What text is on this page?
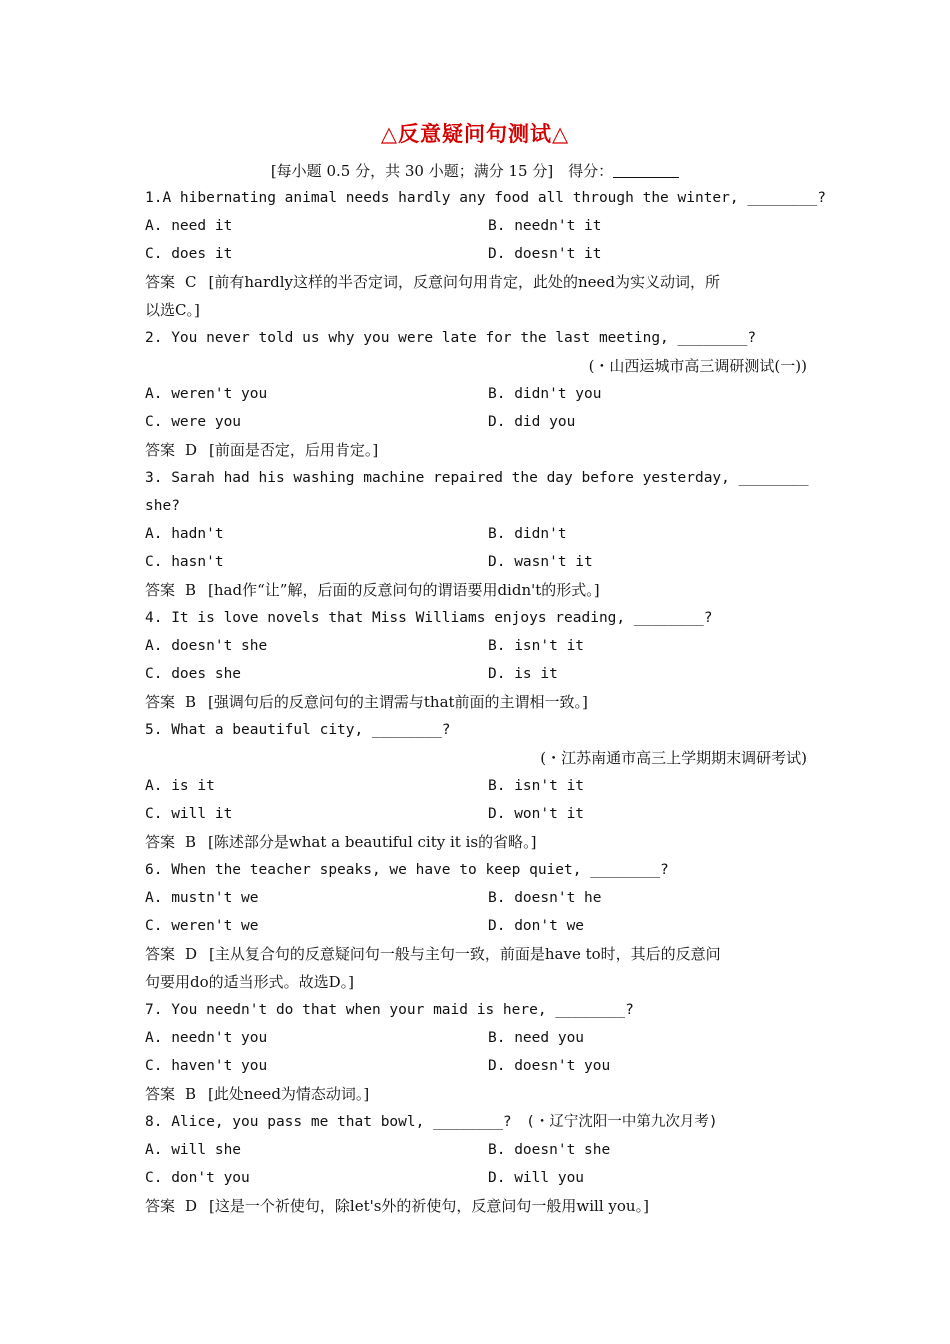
△反意疑问句测试△
[每小题 0.5 分，共 30 小题；满分 15 分]　得分：
1.A hibernating animal needs hardly any food all through the winter, ________?
A. need it	B. needn't it
C. does it	D. doesn't it
答案 C [前有hardly这样的半否定词，反意问句用肯定，此处的need为实义动词，所
以选C。]
2. You never told us why you were late for the last meeting, ________?
(・山西运城市高三调研测试(一))
A. weren't you	B. didn't you
C. were you	D. did you
答案 D [前面是否定，后用肯定。]
3. Sarah had his washing machine repaired the day before yesterday, ________
she?
A. hadn't	B. didn't
C. hasn't	D. wasn't it
答案 B [had作“让”解，后面的反意问句的谓语要用didn't的形式。]
4. It is love novels that Miss Williams enjoys reading, ________?
A. doesn't she	B. isn't it
C. does she	D. is it
答案 B [强调句后的反意问句的主谓需与that前面的主谓相一致。]
5. What a beautiful city, ________?
(・江苏南通市高三上学期期末调研考试)
A. is it	B. isn't it
C. will it	D. won't it
答案 B [陈述部分是what a beautiful city it is的省略。]
6. When the teacher speaks, we have to keep quiet, ________?
A. mustn't we	B. doesn't he
C. weren't we	D. don't we
答案 D [主从复合句的反意疑问句一般与主句一致，前面是have to时，其后的反意问
句要用do的适当形式。故选D。]
7. You needn't do that when your maid is here, ________?
A. needn't you	B. need you
C. haven't you	D. doesn't you
答案 B [此处need为情态动词。]
8. Alice, you pass me that bowl, ________?　(・辽宁沈阳一中第九次月考)
A. will she	B. doesn't she
C. don't you	D. will you
答案 D [这是一个祈使句，除let's外的祈使句，反意问句一般用will you。]
